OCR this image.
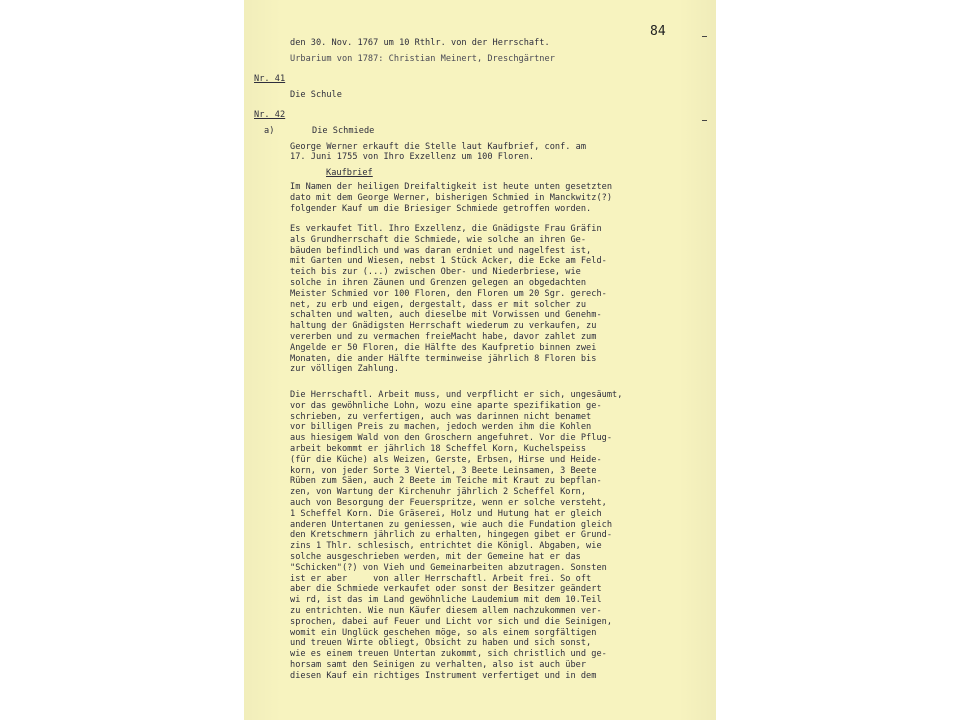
84
den 30. Nov. 1767 um 10 Rthlr. von der Herrschaft.
Urbarium von 1787: Christian Meinert, Dreschgärtner
Nr. 41
Die Schule
Nr. 42
a)	Die Schmiede
George Werner erkauft die Stelle laut Kaufbrief, conf. am
17. Juni 1755 von Ihro Exzellenz um 100 Floren.
Kaufbrief
Im Namen der heiligen Dreifaltigkeit ist heute unten gesetzten
dato mit dem George Werner, bisherigen Schmied in Manckwitz(?)
folgender Kauf um die Briesiger Schmiede getroffen worden.
Es verkaufet Titl. Ihro Exzellenz, die Gnädigste Frau Gräfin
als Grundherrschaft die Schmiede, wie solche an ihren Ge-
bäuden befindlich und was daran erdniet und nagelfest ist,
mit Garten und Wiesen, nebst 1 Stück Acker, die Ecke am Feld-
teich bis zur (...) zwischen Ober- und Niederbriese, wie
solche in ihren Zäunen und Grenzen gelegen an obgedachten
Meister Schmied vor 100 Floren, den Floren um 20 Sgr. gerech-
net, zu erb und eigen, dergestalt, dass er mit solcher zu
schalten und walten, auch dieselbe mit Vorwissen und Genehm-
haltung der Gnädigsten Herrschaft wiederum zu verkaufen, zu
vererben und zu vermachen freieMacht habe, davor zahlet zum
Angelde er 50 Floren, die Hälfte des Kaufpretio binnen zwei
Monaten, die ander Hälfte terminweise jährlich 8 Floren bis
zur völligen Zahlung.
Die Herrschaftl. Arbeit muss, und verpflicht er sich, ungesäumt,
vor das gewöhnliche Lohn, wozu eine aparte spezifikation ge-
schrieben, zu verfertigen, auch was darinnen nicht benamet
vor billigen Preis zu machen, jedoch werden ihm die Kohlen
aus hiesigem Wald von den Groschern angefuhret. Vor die Pflug-
arbeit bekommt er jährlich 18 Scheffel Korn, Kuchelspeiss
(für die Küche) als Weizen, Gerste, Erbsen, Hirse und Heide-
korn, von jeder Sorte 3 Viertel, 3 Beete Leinsamen, 3 Beete
Rüben zum Säen, auch 2 Beete im Teiche mit Kraut zu bepflan-
zen, von Wartung der Kirchenuhr jährlich 2 Scheffel Korn,
auch von Besorgung der Feuerspritze, wenn er solche versteht,
1 Scheffel Korn. Die Gräserei, Holz und Hutung hat er gleich
anderen Untertanen zu geniessen, wie auch die Fundation gleich
den Kretschmern jährlich zu erhalten, hingegen gibet er Grund-
zins 1 Thlr. schlesisch, entrichtet die Königl. Abgaben, wie
solche ausgeschrieben werden, mit der Gemeine hat er das
"Schicken"(?) von Vieh und Gemeinarbeiten abzutragen. Sonsten
ist er aber     von aller Herrschaftl. Arbeit frei. So oft
aber die Schmiede verkaufet oder sonst der Besitzer geändert
wi rd, ist das im Land gewöhnliche Laudemium mit dem 10.Teil
zu entrichten. Wie nun Käufer diesem allem nachzukommen ver-
sprochen, dabei auf Feuer und Licht vor sich und die Seinigen,
womit ein Unglück geschehen möge, so als einem sorgfältigen
und treuen Wirte obliegt, Obsicht zu haben und sich sonst,
wie es einem treuen Untertan zukommt, sich christlich und ge-
horsam samt den Seinigen zu verhalten, also ist auch über
diesen Kauf ein richtiges Instrument verfertiget und in dem
